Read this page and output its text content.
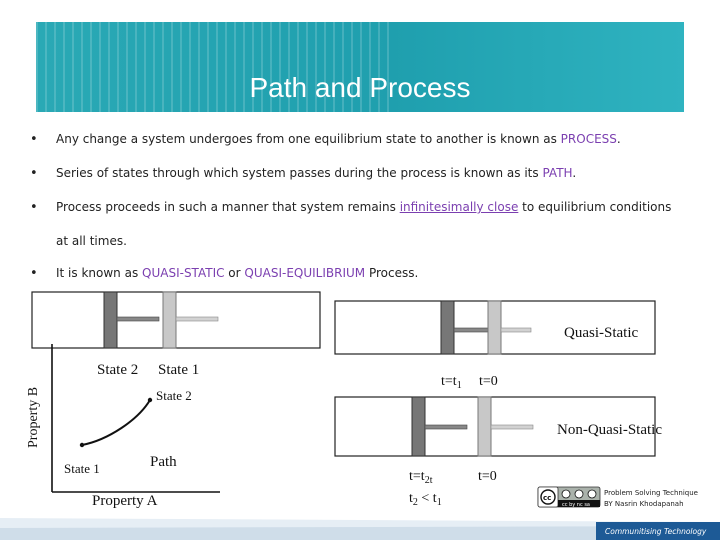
Path and Process
• Any change a system undergoes from one equilibrium state to another is known as PROCESS.
• Series of states through which system passes during the process is known as its PATH.
• Process proceeds in such a manner that system remains infinitesimally close to equilibrium conditions at all times.
• It is known as QUASI-STATIC or QUASI-EQUILIBRIUM Process.
State 2 State 1
Property B
Property A
State 2
State 1	Path
Quasi-Static
$t=t_1$ t=0
Non-Quasi-Static
$t=t_{2t}$	t=0
$t_2 < t_1$
Communitising Technology
cc
cc by nc sa
Problem Solving Technique
BY Nasrin Khodapanah
